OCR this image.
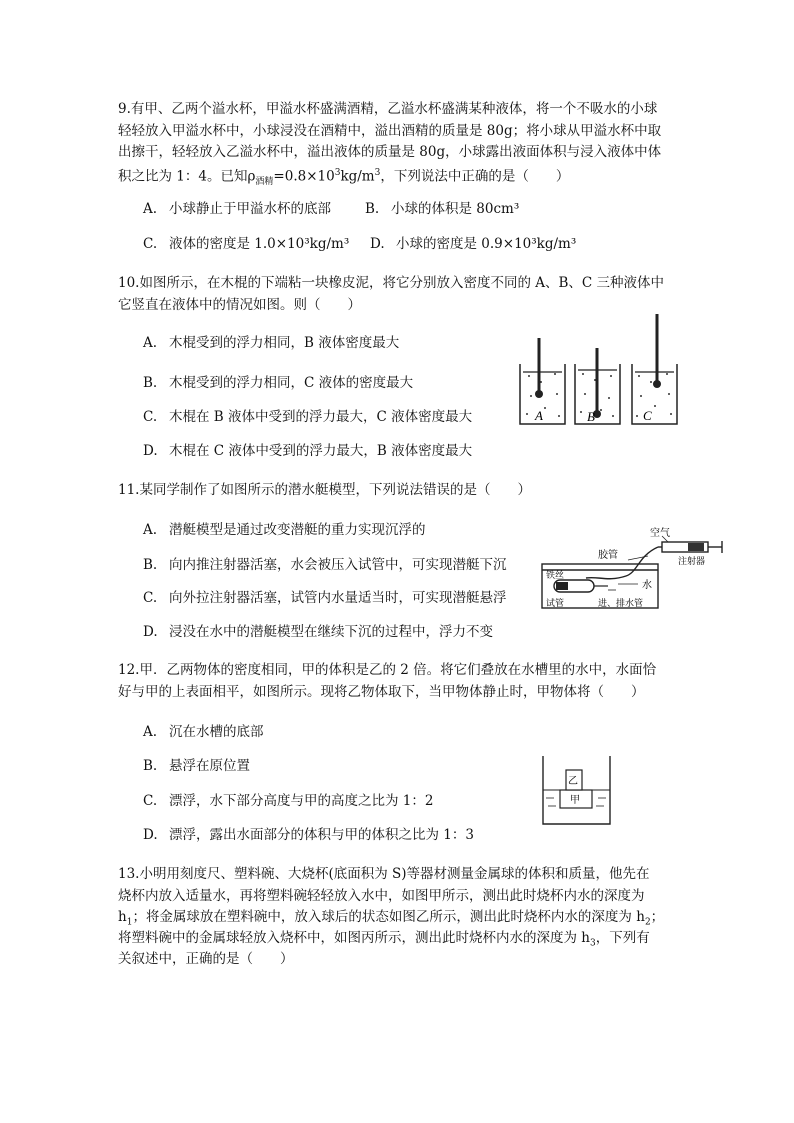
9.有甲、乙两个溢水杯，甲溢水杯盛满酒精，乙溢水杯盛满某种液体，将一个不吸水的小球
轻轻放入甲溢水杯中，小球浸没在酒精中，溢出酒精的质量是 80g；将小球从甲溢水杯中取
出擦干，轻轻放入乙溢水杯中，溢出液体的质量是 80g，小球露出液面体积与浸入液体中体
积之比为 1：4。已知$\rho_{酒精}=0.8\times 10^3kg/m^3$，下列说法中正确的是（　　）
A. 小球静止于甲溢水杯的底部	B. 小球的体积是 80cm³
C. 液体的密度是 1.0×10³kg/m³ D. 小球的密度是 0.9×10³kg/m³
10.如图所示，在木棍的下端粘一块橡皮泥，将它分别放入密度不同的 A、B、C 三种液体中
它竖直在液体中的情况如图。则（　　）
A. 木棍受到的浮力相同，B 液体密度最大
B. 木棍受到的浮力相同，C 液体的密度最大
C. 木棍在 B 液体中受到的浮力最大，C 液体密度最大
D. 木棍在 C 液体中受到的浮力最大，B 液体密度最大
A	B	C
11.某同学制作了如图所示的潜水艇模型，下列说法错误的是（　　）
A. 潜艇模型是通过改变潜艇的重力实现沉浮的
B. 向内推注射器活塞，水会被压入试管中，可实现潜艇下沉
C. 向外拉注射器活塞，试管内水量适当时，可实现潜艇悬浮
D. 浸没在水中的潜艇模型在继续下沉的过程中，浮力不变
空气
胶管
注射器
铁丝
水
试管	进、排水管
12.甲．乙两物体的密度相同，甲的体积是乙的 2 倍。将它们叠放在水槽里的水中，水面恰
好与甲的上表面相平，如图所示。现将乙物体取下，当甲物体静止时，甲物体将（　　）
A. 沉在水槽的底部
B. 悬浮在原位置
C. 漂浮，水下部分高度与甲的高度之比为 1：2
D. 漂浮，露出水面部分的体积与甲的体积之比为 1：3
乙
甲
13.小明用刻度尺、塑料碗、大烧杯(底面积为 S)等器材测量金属球的体积和质量，他先在
烧杯内放入适量水，再将塑料碗轻轻放入水中，如图甲所示，测出此时烧杯内水的深度为
$h_1$；将金属球放在塑料碗中，放入球后的状态如图乙所示，测出此时烧杯内水的深度为 $h_2$；
将塑料碗中的金属球轻放入烧杯中，如图丙所示，测出此时烧杯内水的深度为 $h_3$，下列有
关叙述中，正确的是（　　）
